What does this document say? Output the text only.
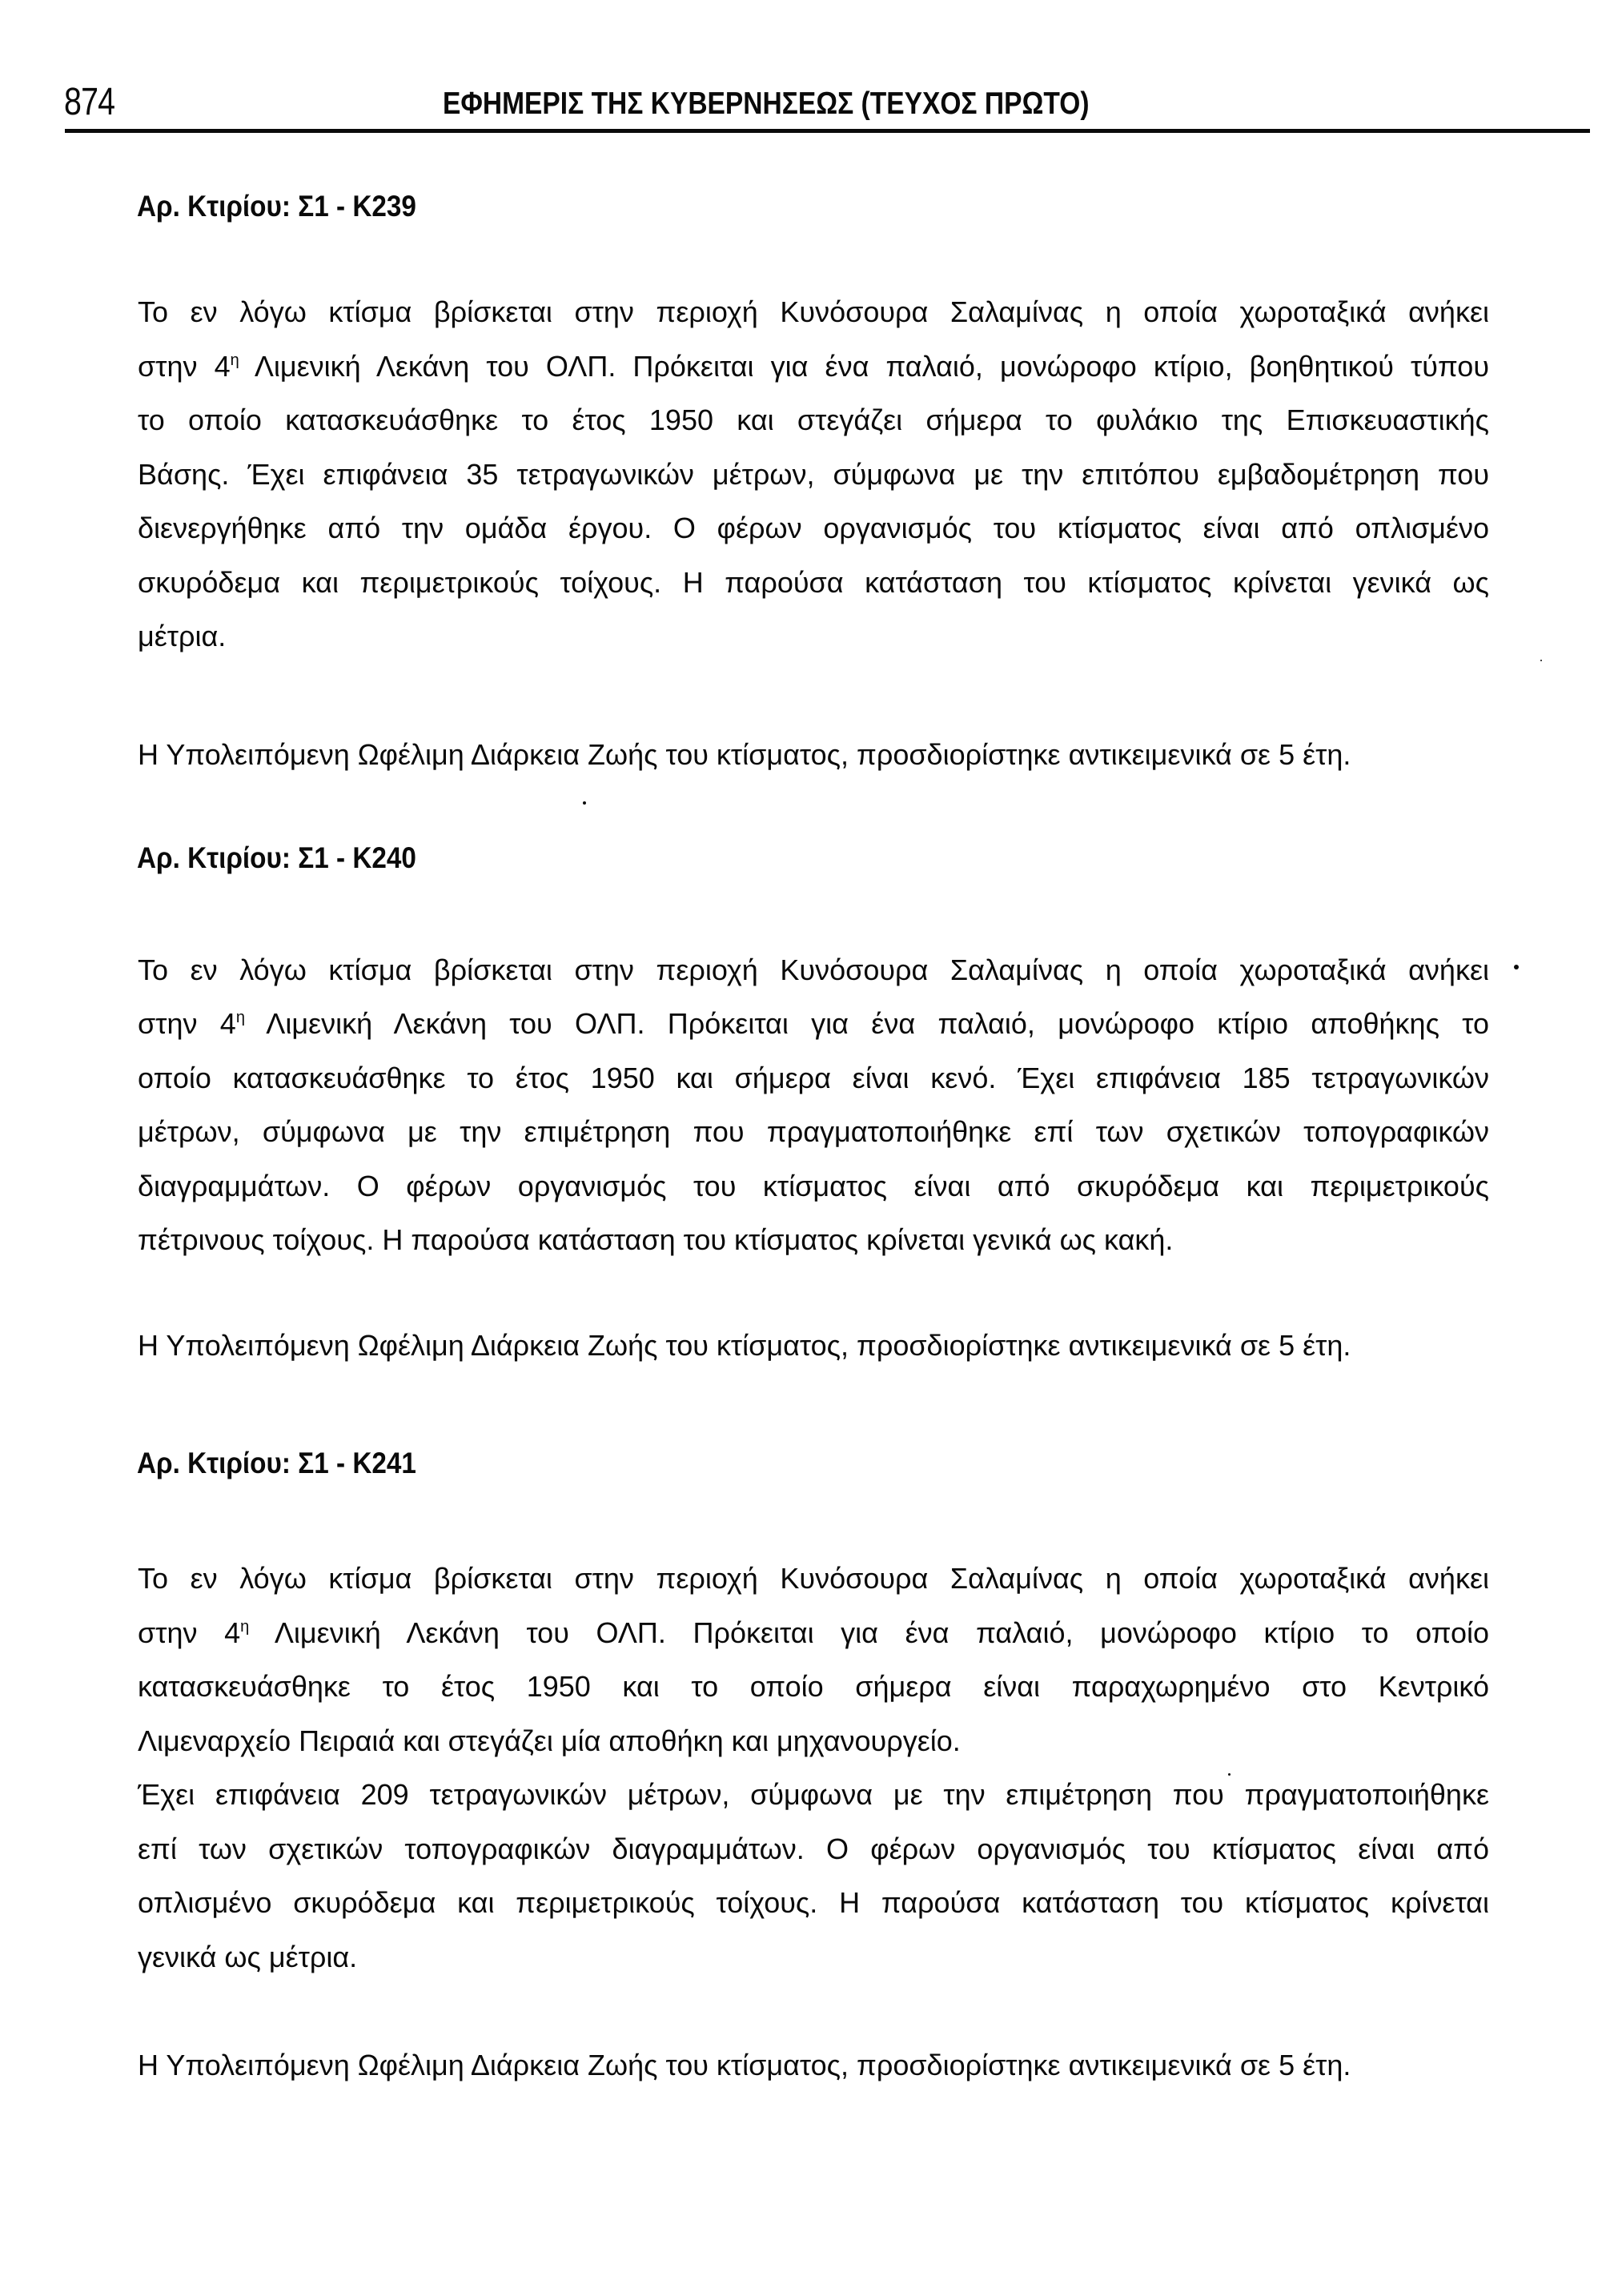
874	ΕΦΗΜΕΡΙΣ ΤΗΣ ΚΥΒΕΡΝΗΣΕΩΣ (ΤΕΥΧΟΣ ΠΡΩΤΟ)
Αρ. Κτιρίου: Σ1 - Κ239
Το εν λόγω κτίσμα βρίσκεται στην περιοχή Κυνόσουρα Σαλαμίνας η οποία χωροταξικά ανήκει
στην $4^\eta$ Λιμενική Λεκάνη του ΟΛΠ. Πρόκειται για ένα παλαιό, μονώροφο κτίριο, βοηθητικού τύπου
το οποίο κατασκευάσθηκε το έτος 1950 και στεγάζει σήμερα το φυλάκιο της Επισκευαστικής
Βάσης. Έχει επιφάνεια 35 τετραγωνικών μέτρων, σύμφωνα με την επιτόπου εμβαδομέτρηση που
διενεργήθηκε από την ομάδα έργου. Ο φέρων οργανισμός του κτίσματος είναι από οπλισμένο
σκυρόδεμα και περιμετρικούς τοίχους. Η παρούσα κατάσταση του κτίσματος κρίνεται γενικά ως
μέτρια.
Η Υπολειπόμενη Ωφέλιμη Διάρκεια Ζωής του κτίσματος, προσδιορίστηκε αντικειμενικά σε 5 έτη.
Αρ. Κτιρίου: Σ1 - Κ240
Το εν λόγω κτίσμα βρίσκεται στην περιοχή Κυνόσουρα Σαλαμίνας η οποία χωροταξικά ανήκει
στην $4^\eta$ Λιμενική Λεκάνη του ΟΛΠ. Πρόκειται για ένα παλαιό, μονώροφο κτίριο αποθήκης το
οποίο κατασκευάσθηκε το έτος 1950 και σήμερα είναι κενό. Έχει επιφάνεια 185 τετραγωνικών
μέτρων, σύμφωνα με την επιμέτρηση που πραγματοποιήθηκε επί των σχετικών τοπογραφικών
διαγραμμάτων. Ο φέρων οργανισμός του κτίσματος είναι από σκυρόδεμα και περιμετρικούς
πέτρινους τοίχους. Η παρούσα κατάσταση του κτίσματος κρίνεται γενικά ως κακή.
Η Υπολειπόμενη Ωφέλιμη Διάρκεια Ζωής του κτίσματος, προσδιορίστηκε αντικειμενικά σε 5 έτη.
Αρ. Κτιρίου: Σ1 - Κ241
Το εν λόγω κτίσμα βρίσκεται στην περιοχή Κυνόσουρα Σαλαμίνας η οποία χωροταξικά ανήκει
στην $4^\eta$ Λιμενική Λεκάνη του ΟΛΠ. Πρόκειται για ένα παλαιό, μονώροφο κτίριο το οποίο
κατασκευάσθηκε το έτος 1950 και το οποίο σήμερα είναι παραχωρημένο στο Κεντρικό
Λιμεναρχείο Πειραιά και στεγάζει μία αποθήκη και μηχανουργείο.
Έχει επιφάνεια 209 τετραγωνικών μέτρων, σύμφωνα με την επιμέτρηση που πραγματοποιήθηκε
επί των σχετικών τοπογραφικών διαγραμμάτων. Ο φέρων οργανισμός του κτίσματος είναι από
οπλισμένο σκυρόδεμα και περιμετρικούς τοίχους. Η παρούσα κατάσταση του κτίσματος κρίνεται
γενικά ως μέτρια.
Η Υπολειπόμενη Ωφέλιμη Διάρκεια Ζωής του κτίσματος, προσδιορίστηκε αντικειμενικά σε 5 έτη.
